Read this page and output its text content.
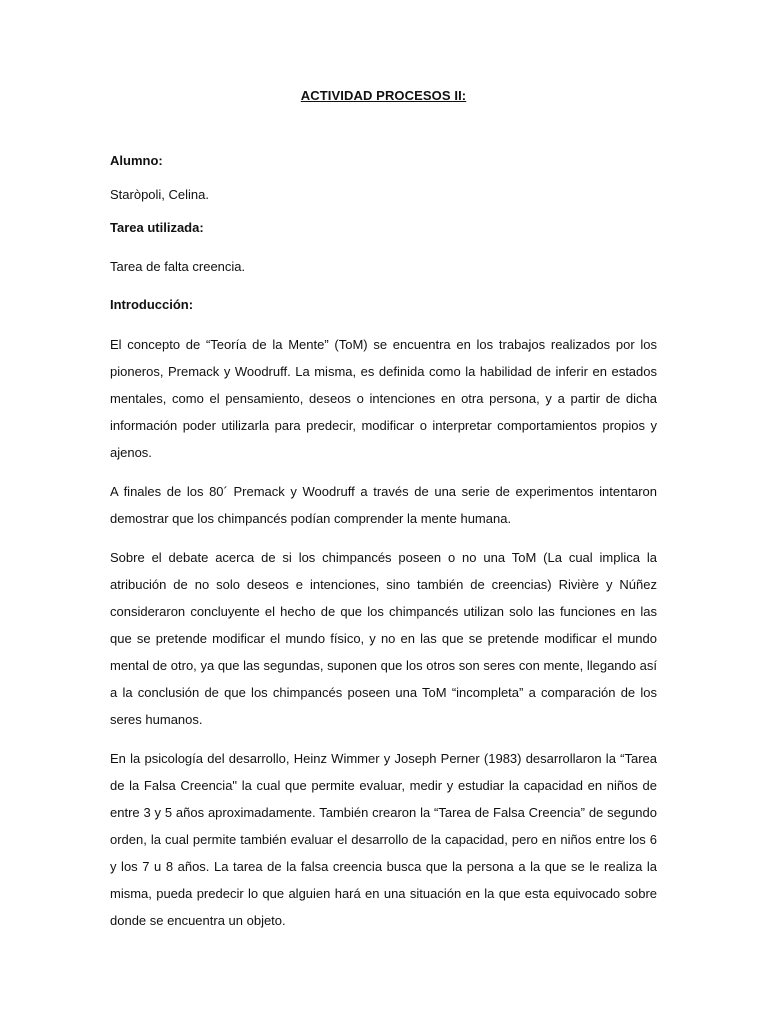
ACTIVIDAD PROCESOS II:

Alumno:

Staròpoli, Celina.

Tarea utilizada:

Tarea de falta creencia.

Introducción:

El concepto de “Teoría de la Mente” (ToM) se encuentra en los trabajos realizados por los pioneros, Premack y Woodruff. La misma, es definida como la habilidad de inferir en estados mentales, como el pensamiento, deseos o intenciones en otra persona, y a partir de dicha información poder utilizarla para predecir, modificar o interpretar comportamientos propios y ajenos.

A finales de los 80´ Premack y Woodruff a través de una serie de experimentos intentaron demostrar que los chimpancés podían comprender la mente humana.

Sobre el debate acerca de si los chimpancés poseen o no una ToM (La cual implica la atribución de no solo deseos e intenciones, sino también de creencias) Rivière y Núñez consideraron concluyente el hecho de que los chimpancés utilizan solo las funciones en las que se pretende modificar el mundo físico, y no en las que se pretende modificar el mundo mental de otro, ya que las segundas, suponen que los otros son seres con mente, llegando así a la conclusión de que los chimpancés poseen una ToM “incompleta” a comparación de los seres humanos.

En la psicología del desarrollo, Heinz Wimmer y Joseph Perner (1983) desarrollaron la “Tarea de la Falsa Creencia" la cual que permite evaluar, medir y estudiar la capacidad en niños de entre 3 y 5 años aproximadamente. También crearon la “Tarea de Falsa Creencia” de segundo orden, la cual permite también evaluar el desarrollo de la capacidad, pero en niños entre los 6 y los 7 u 8 años. La tarea de la falsa creencia busca que la persona a la que se le realiza la misma, pueda predecir lo que alguien hará en una situación en la que esta equivocado sobre donde se encuentra un objeto.
